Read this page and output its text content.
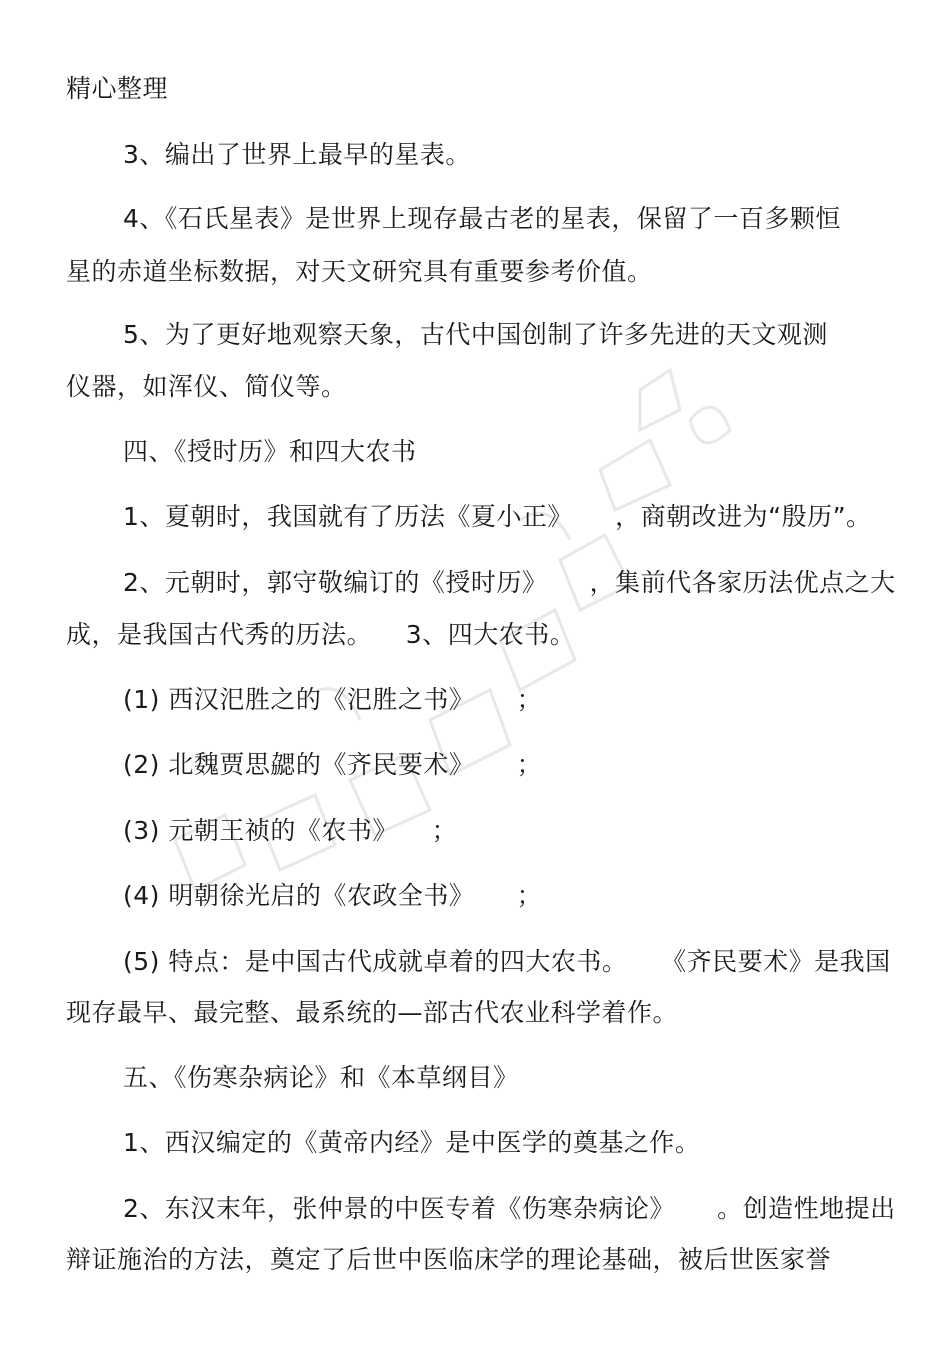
精心整理
3、编出了世界上最早的星表。
4、《石氏星表》是世界上现存最古老的星表，保留了一百多颗恒
星的赤道坐标数据，对天文研究具有重要参考价值。
5、为了更好地观察天象，古代中国创制了许多先进的天文观测
仪器，如浑仪、简仪等。
四、《授时历》和四大农书
1、夏朝时，我国就有了历法《夏小正》     ，商朝改进为“殷历”。
2、元朝时，郭守敬编订的《授时历》     ，集前代各家历法优点之大
成，是我国古代秀的历法。    3、四大农书。
(1) 西汉汜胜之的《汜胜之书》     ；
(2) 北魏贾思勰的《齐民要术》     ；
(3) 元朝王祯的《农书》    ；
(4) 明朝徐光启的《农政全书》     ；
(5) 特点：是中国古代成就卓着的四大农书。    《齐民要术》是我国
现存最早、最完整、最系统的—部古代农业科学着作。
五、《伤寒杂病论》和《本草纲目》
1、西汉编定的《黄帝内经》是中医学的奠基之作。
2、东汉末年，张仲景的中医专着《伤寒杂病论》     。创造性地提出
辩证施治的方法，奠定了后世中医临床学的理论基础，被后世医家誉
